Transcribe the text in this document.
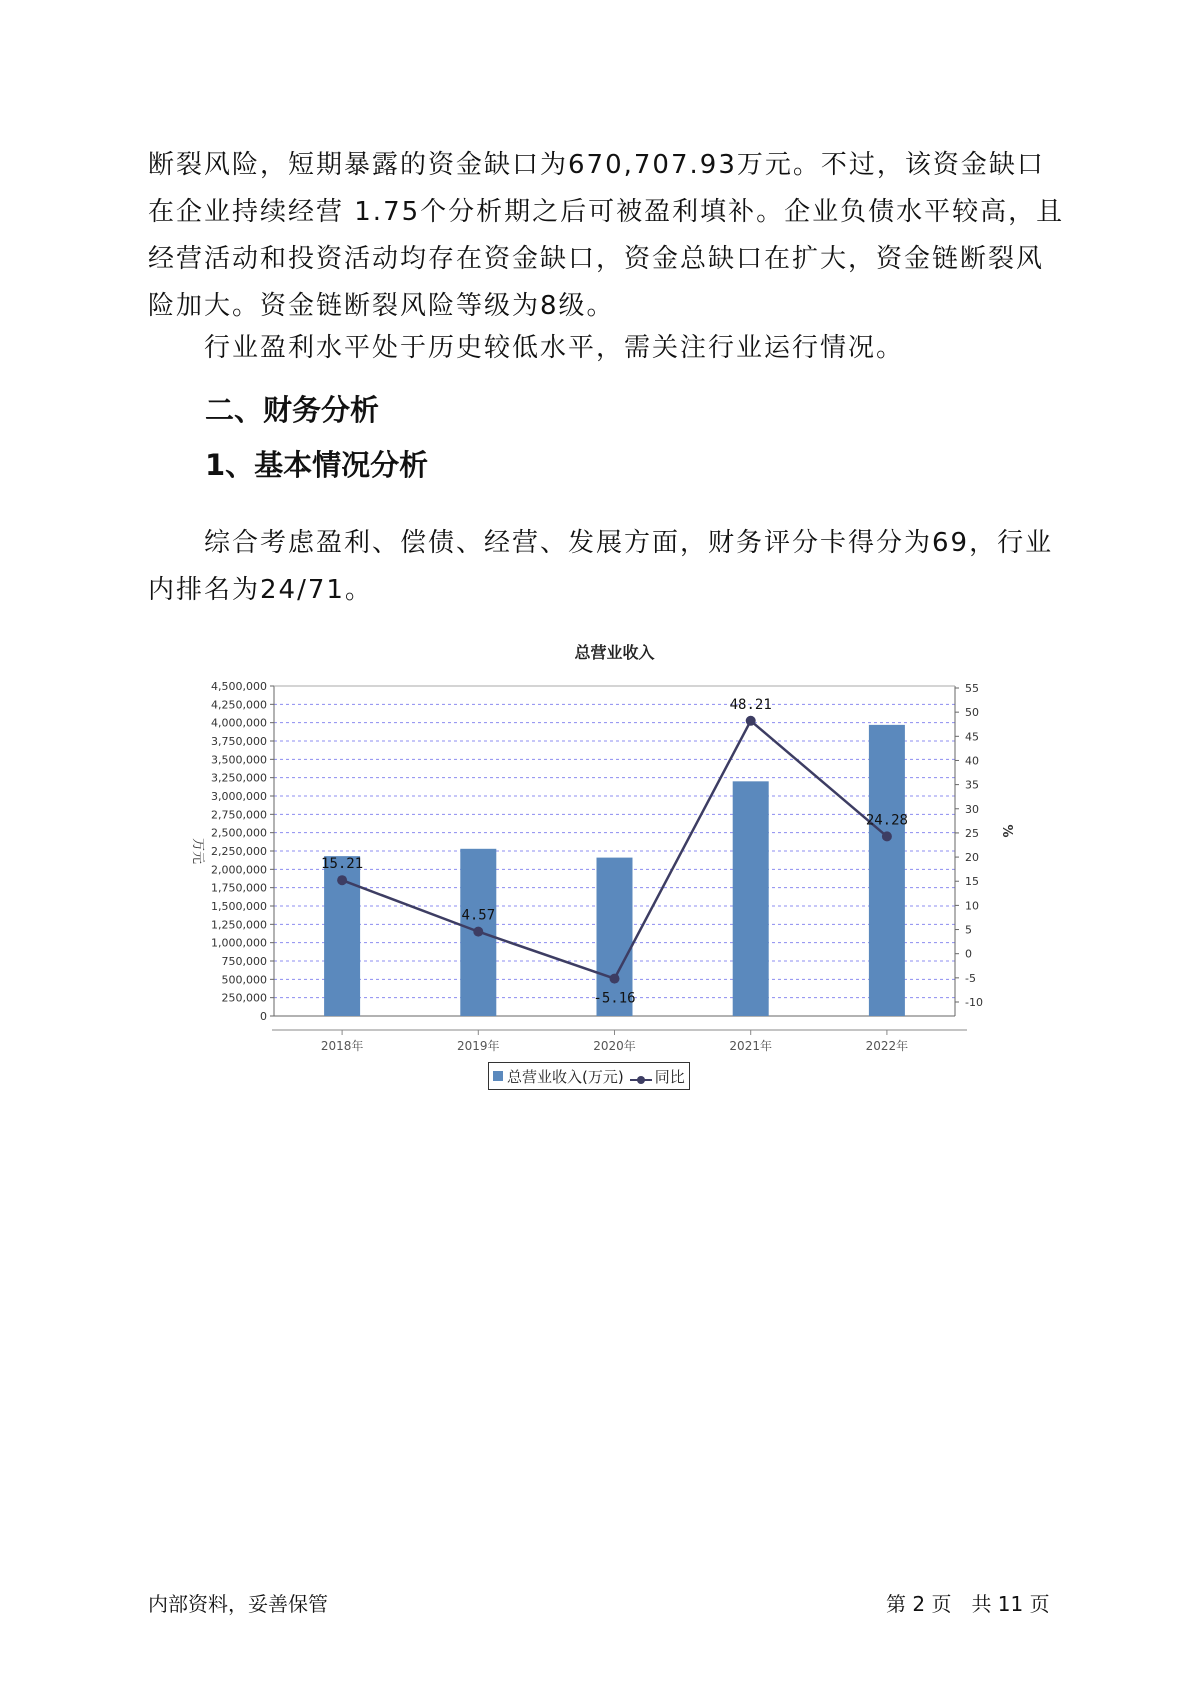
断裂风险，短期暴露的资金缺口为670,707.93万元。不过，该资金缺口在企业持续经营 1.75个分析期之后可被盈利填补。企业负债水平较高，且经营活动和投资活动均存在资金缺口，资金总缺口在扩大，资金链断裂风险加大。资金链断裂风险等级为8级。

行业盈利水平处于历史较低水平，需关注行业运行情况。

二、财务分析
1、基本情况分析

综合考虑盈利、偿债、经营、发展方面，财务评分卡得分为69，行业内排名为24/71。

总营业收入
0
250,000
500,000
750,000
1,000,000
1,250,000
1,500,000
1,750,000
2,000,000
2,250,000
2,500,000
2,750,000
3,000,000
3,250,000
3,500,000
3,750,000
4,000,000
4,250,000
4,500,000
-10
-5
0
5
10
15
20
25
30
35
40
45
50
55
万元
%
2018年	2019年	2020年	2021年	2022年
15.21
4.57
-5.16
48.21
24.28
总营业收入(万元) 同比
内部资料，妥善保管	第 2 页　共 11 页
